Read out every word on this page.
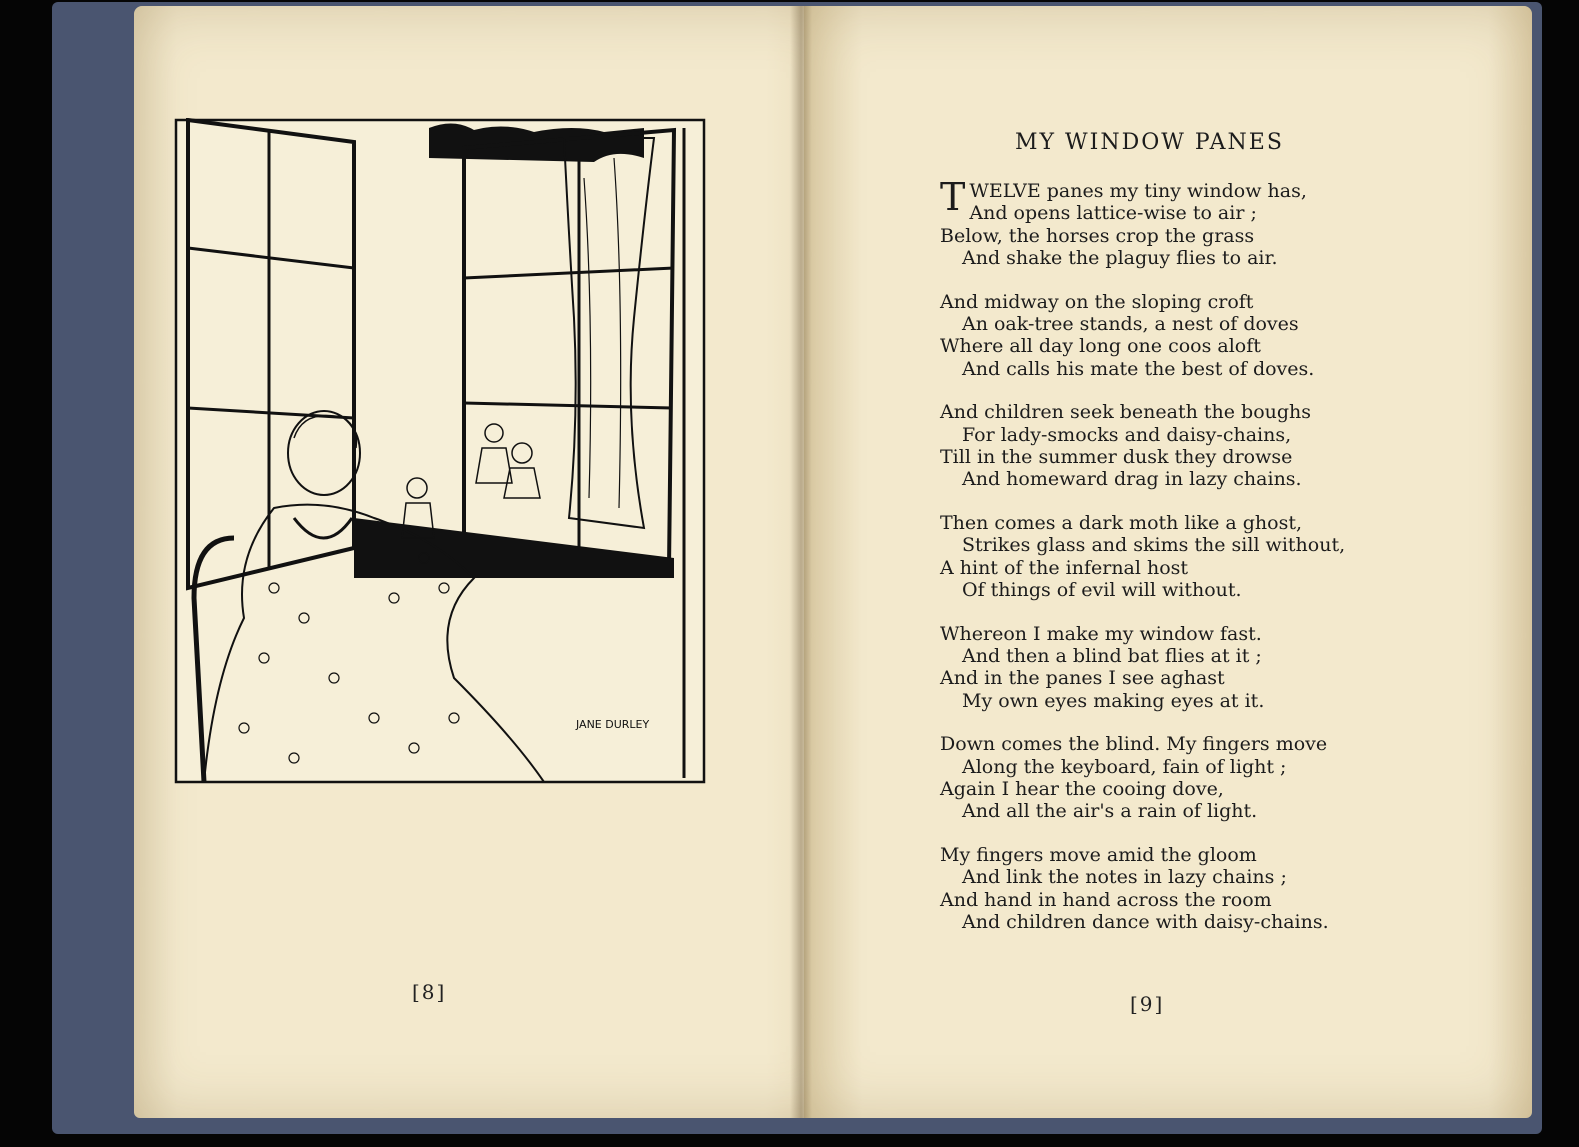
JANE DURLEY
[8]
MY WINDOW PANES
TWELVE panes my tiny window has,
And opens lattice-wise to air ;
Below, the horses crop the grass
And shake the plaguy flies to air.
And midway on the sloping croft
An oak-tree stands, a nest of doves
Where all day long one coos aloft
And calls his mate the best of doves.
And children seek beneath the boughs
For lady-smocks and daisy-chains,
Till in the summer dusk they drowse
And homeward drag in lazy chains.
Then comes a dark moth like a ghost,
Strikes glass and skims the sill without,
A hint of the infernal host
Of things of evil will without.
Whereon I make my window fast.
And then a blind bat flies at it ;
And in the panes I see aghast
My own eyes making eyes at it.
Down comes the blind. My fingers move
Along the keyboard, fain of light ;
Again I hear the cooing dove,
And all the air's a rain of light.
My fingers move amid the gloom
And link the notes in lazy chains ;
And hand in hand across the room
And children dance with daisy-chains.
[9]
